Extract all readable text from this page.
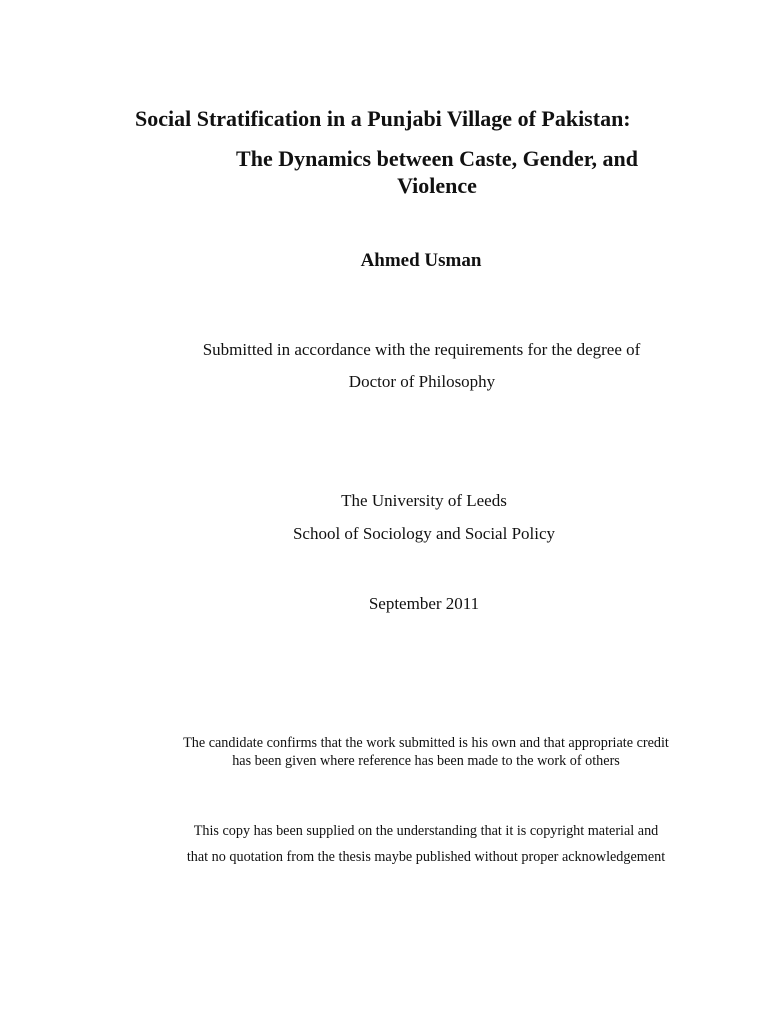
Social Stratification in a Punjabi Village of Pakistan:
The Dynamics between Caste, Gender, and
Violence
Ahmed Usman
Submitted in accordance with the requirements for the degree of
Doctor of Philosophy
The University of Leeds
School of Sociology and Social Policy
September 2011
The candidate confirms that the work submitted is his own and that appropriate credit
has been given where reference has been made to the work of others
This copy has been supplied on the understanding that it is copyright material and
that no quotation from the thesis maybe published without proper acknowledgement
